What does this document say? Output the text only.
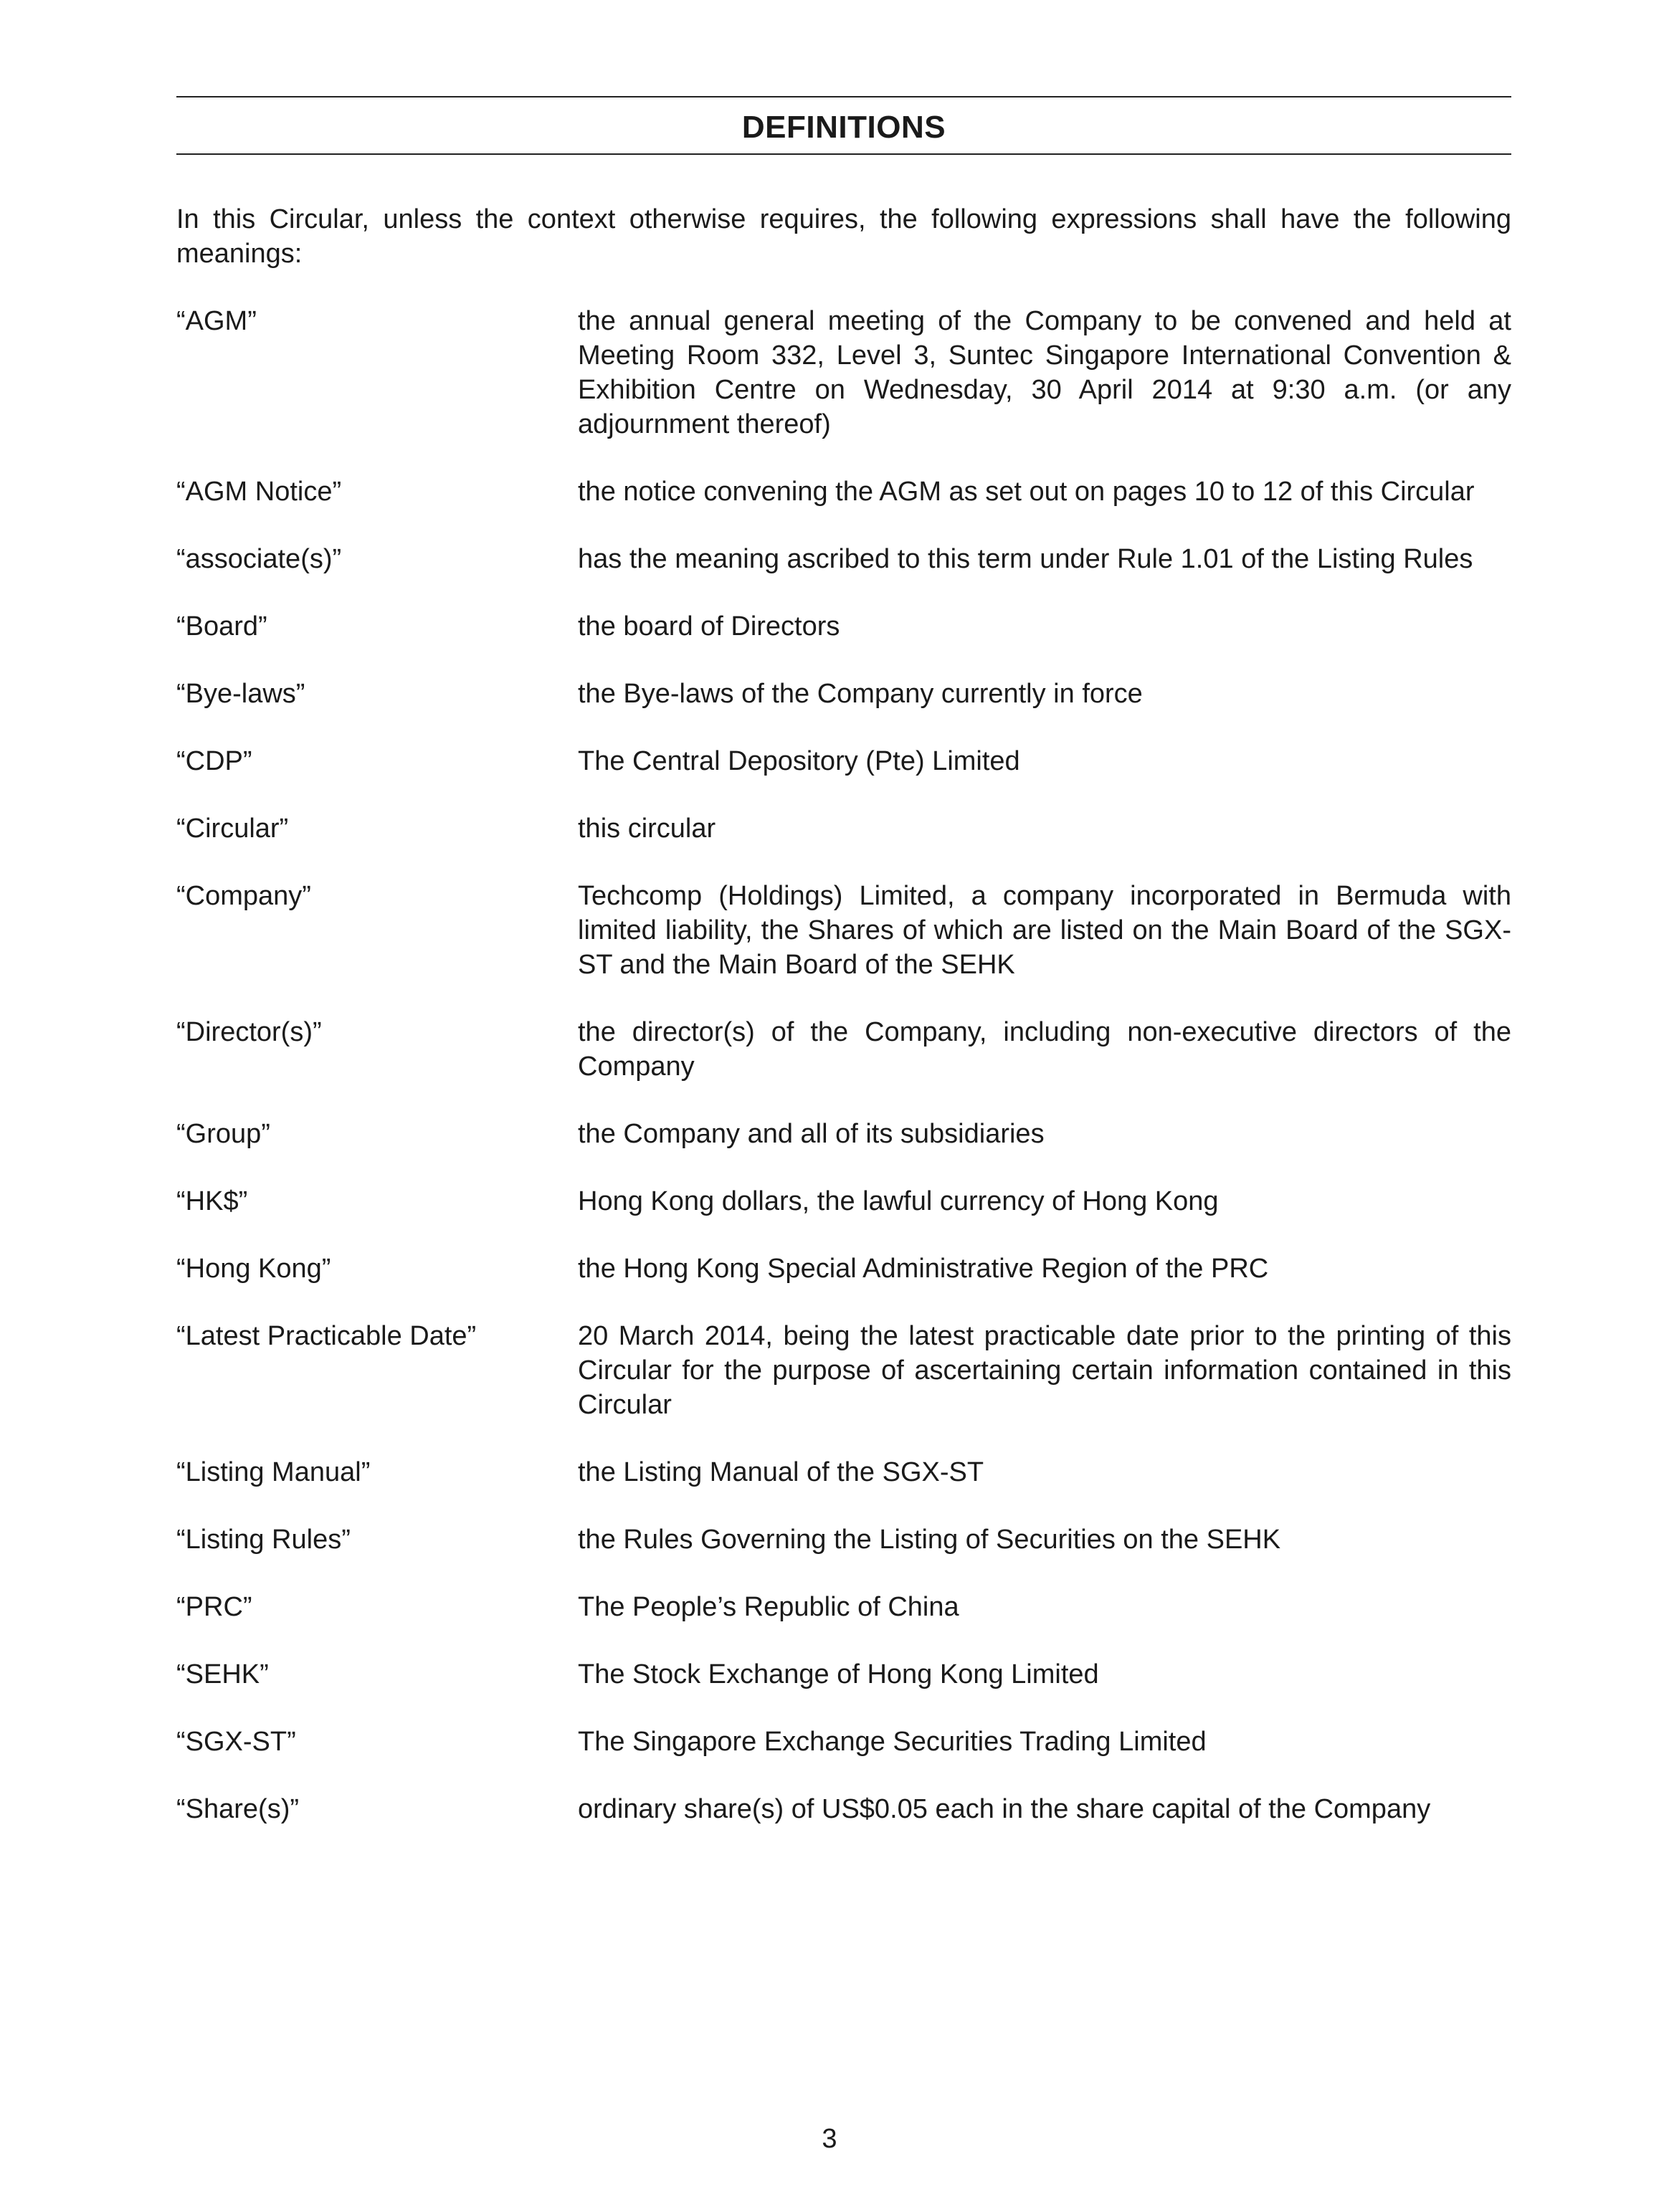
DEFINITIONS
In this Circular, unless the context otherwise requires, the following expressions shall have the following meanings:
“AGM”	the annual general meeting of the Company to be convened and held at Meeting Room 332, Level 3, Suntec Singapore International Convention & Exhibition Centre on Wednesday, 30 April 2014 at 9:30 a.m. (or any adjournment thereof)
“AGM Notice”	the notice convening the AGM as set out on pages 10 to 12 of this Circular
“associate(s)”	has the meaning ascribed to this term under Rule 1.01 of the Listing Rules
“Board”	the board of Directors
“Bye-laws”	the Bye-laws of the Company currently in force
“CDP”	The Central Depository (Pte) Limited
“Circular”	this circular
“Company”	Techcomp (Holdings) Limited, a company incorporated in Bermuda with limited liability, the Shares of which are listed on the Main Board of the SGX-ST and the Main Board of the SEHK
“Director(s)”	the director(s) of the Company, including non-executive directors of the Company
“Group”	the Company and all of its subsidiaries
“HK$”	Hong Kong dollars, the lawful currency of Hong Kong
“Hong Kong”	the Hong Kong Special Administrative Region of the PRC
“Latest Practicable Date”	20 March 2014, being the latest practicable date prior to the printing of this Circular for the purpose of ascertaining certain information contained in this Circular
“Listing Manual”	the Listing Manual of the SGX-ST
“Listing Rules”	the Rules Governing the Listing of Securities on the SEHK
“PRC”	The People’s Republic of China
“SEHK”	The Stock Exchange of Hong Kong Limited
“SGX-ST”	The Singapore Exchange Securities Trading Limited
“Share(s)”	ordinary share(s) of US$0.05 each in the share capital of the Company
3
